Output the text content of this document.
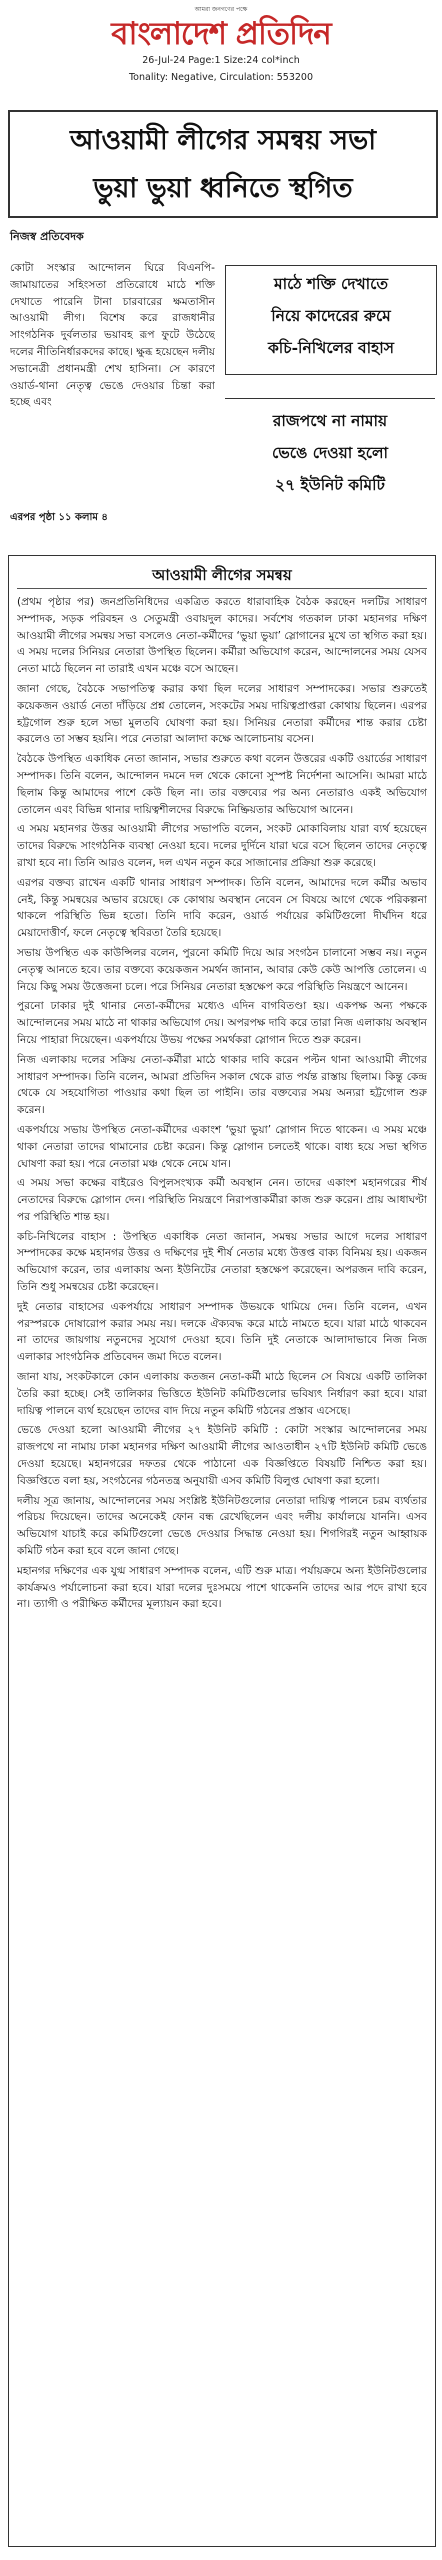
আমরা জনগণের পক্ষে
বাংলাদেশ প্রতিদিন
26-Jul-24 Page:1 Size:24 col*inch
Tonality: Negative, Circulation: 553200
আওয়ামী লীগের সমন্বয় সভা
ভুয়া ভুয়া ধ্বনিতে স্থগিত
নিজস্ব প্রতিবেদক
কোটা সংস্কার আন্দোলন ঘিরে বিএনপি-জামায়াতের সহিংসতা প্রতিরোধে মাঠে শক্তি দেখাতে পারেনি টানা চারবারের ক্ষমতাসীন আওয়ামী লীগ। বিশেষ করে রাজধানীর সাংগঠনিক দুর্বলতার ভয়াবহ রূপ ফুটে উঠেছে দলের নীতিনির্ধারকদের কাছে। ক্ষুব্ধ হয়েছেন দলীয় সভানেত্রী প্রধানমন্ত্রী শেখ হাসিনা। সে কারণে ওয়ার্ড-থানা নেতৃত্ব ভেঙে দেওয়ার চিন্তা করা হচ্ছে এবং
এরপর পৃষ্ঠা ১১ কলাম ৪
মাঠে শক্তি দেখাতে
নিয়ে কাদেরের রুমে
কচি-নিখিলের বাহাস
রাজপথে না নামায়
ভেঙে দেওয়া হলো
২৭ ইউনিট কমিটি
আওয়ামী লীগের সমন্বয়

(প্রথম পৃষ্ঠার পর) জনপ্রতিনিধিদের একত্রিত করতে ধারাবাহিক বৈঠক করছেন দলটির সাধারণ সম্পাদক, সড়ক পরিবহন ও সেতুমন্ত্রী ওবায়দুল কাদের। সর্বশেষ গতকাল ঢাকা মহানগর দক্ষিণ আওয়ামী লীগের সমন্বয় সভা বসলেও নেতা-কর্মীদের ‘ভুয়া ভুয়া’ স্লোগানের মুখে তা স্থগিত করা হয়। এ সময় দলের সিনিয়র নেতারা উপস্থিত ছিলেন। কর্মীরা অভিযোগ করেন, আন্দোলনের সময় যেসব নেতা মাঠে ছিলেন না তারাই এখন মঞ্চে বসে আছেন।

জানা গেছে, বৈঠকে সভাপতিত্ব করার কথা ছিল দলের সাধারণ সম্পাদকের। সভার শুরুতেই কয়েকজন ওয়ার্ড নেতা দাঁড়িয়ে প্রশ্ন তোলেন, সংকটের সময় দায়িত্বপ্রাপ্তরা কোথায় ছিলেন। এরপর হট্টগোল শুরু হলে সভা মুলতবি ঘোষণা করা হয়। সিনিয়র নেতারা কর্মীদের শান্ত করার চেষ্টা করলেও তা সম্ভব হয়নি। পরে নেতারা আলাদা কক্ষে আলোচনায় বসেন।

বৈঠকে উপস্থিত একাধিক নেতা জানান, সভার শুরুতে কথা বলেন উত্তরের একটি ওয়ার্ডের সাধারণ সম্পাদক। তিনি বলেন, আন্দোলন দমনে দল থেকে কোনো সুস্পষ্ট নির্দেশনা আসেনি। আমরা মাঠে ছিলাম কিন্তু আমাদের পাশে কেউ ছিল না। তার বক্তব্যের পর অন্য নেতারাও একই অভিযোগ তোলেন এবং বিভিন্ন থানার দায়িত্বশীলদের বিরুদ্ধে নিষ্ক্রিয়তার অভিযোগ আনেন।

এ সময় মহানগর উত্তর আওয়ামী লীগের সভাপতি বলেন, সংকট মোকাবিলায় যারা ব্যর্থ হয়েছেন তাদের বিরুদ্ধে সাংগঠনিক ব্যবস্থা নেওয়া হবে। দলের দুর্দিনে যারা ঘরে বসে ছিলেন তাদের নেতৃত্বে রাখা হবে না। তিনি আরও বলেন, দল এখন নতুন করে সাজানোর প্রক্রিয়া শুরু করেছে।

এরপর বক্তব্য রাখেন একটি থানার সাধারণ সম্পাদক। তিনি বলেন, আমাদের দলে কর্মীর অভাব নেই, কিন্তু সমন্বয়ের অভাব রয়েছে। কে কোথায় অবস্থান নেবেন সে বিষয়ে আগে থেকে পরিকল্পনা থাকলে পরিস্থিতি ভিন্ন হতো। তিনি দাবি করেন, ওয়ার্ড পর্যায়ের কমিটিগুলো দীর্ঘদিন ধরে মেয়াদোত্তীর্ণ, ফলে নেতৃত্বে স্থবিরতা তৈরি হয়েছে।

সভায় উপস্থিত এক কাউন্সিলর বলেন, পুরনো কমিটি দিয়ে আর সংগঠন চালানো সম্ভব নয়। নতুন নেতৃত্ব আনতে হবে। তার বক্তব্যে কয়েকজন সমর্থন জানান, আবার কেউ কেউ আপত্তি তোলেন। এ নিয়ে কিছু সময় উত্তেজনা চলে। পরে সিনিয়র নেতারা হস্তক্ষেপ করে পরিস্থিতি নিয়ন্ত্রণে আনেন।

পুরনো ঢাকার দুই থানার নেতা-কর্মীদের মধ্যেও এদিন বাগবিতণ্ডা হয়। একপক্ষ অন্য পক্ষকে আন্দোলনের সময় মাঠে না থাকার অভিযোগ দেয়। অপরপক্ষ দাবি করে তারা নিজ এলাকায় অবস্থান নিয়ে পাহারা দিয়েছেন। একপর্যায়ে উভয় পক্ষের সমর্থকরা স্লোগান দিতে শুরু করেন।

নিজ এলাকায় দলের সক্রিয় নেতা-কর্মীরা মাঠে থাকার দাবি করেন পল্টন থানা আওয়ামী লীগের সাধারণ সম্পাদক। তিনি বলেন, আমরা প্রতিদিন সকাল থেকে রাত পর্যন্ত রাস্তায় ছিলাম। কিন্তু কেন্দ্র থেকে যে সহযোগিতা পাওয়ার কথা ছিল তা পাইনি। তার বক্তব্যের সময় অন্যরা হট্টগোল শুরু করেন।

একপর্যায়ে সভায় উপস্থিত নেতা-কর্মীদের একাংশ ‘ভুয়া ভুয়া’ স্লোগান দিতে থাকেন। এ সময় মঞ্চে থাকা নেতারা তাদের থামানোর চেষ্টা করেন। কিন্তু স্লোগান চলতেই থাকে। বাধ্য হয়ে সভা স্থগিত ঘোষণা করা হয়। পরে নেতারা মঞ্চ থেকে নেমে যান।

এ সময় সভা কক্ষের বাইরেও বিপুলসংখ্যক কর্মী অবস্থান নেন। তাদের একাংশ মহানগরের শীর্ষ নেতাদের বিরুদ্ধে স্লোগান দেন। পরিস্থিতি নিয়ন্ত্রণে নিরাপত্তাকর্মীরা কাজ শুরু করেন। প্রায় আধাঘণ্টা পর পরিস্থিতি শান্ত হয়।

কচি-নিখিলের বাহাস : উপস্থিত একাধিক নেতা জানান, সমন্বয় সভার আগে দলের সাধারণ সম্পাদকের কক্ষে মহানগর উত্তর ও দক্ষিণের দুই শীর্ষ নেতার মধ্যে উত্তপ্ত বাক্য বিনিময় হয়। একজন অভিযোগ করেন, তার এলাকায় অন্য ইউনিটের নেতারা হস্তক্ষেপ করেছেন। অপরজন দাবি করেন, তিনি শুধু সমন্বয়ের চেষ্টা করেছেন।

দুই নেতার বাহাসের একপর্যায়ে সাধারণ সম্পাদক উভয়কে থামিয়ে দেন। তিনি বলেন, এখন পরস্পরকে দোষারোপ করার সময় নয়। দলকে ঐক্যবদ্ধ করে মাঠে নামতে হবে। যারা মাঠে থাকবেন না তাদের জায়গায় নতুনদের সুযোগ দেওয়া হবে। তিনি দুই নেতাকে আলাদাভাবে নিজ নিজ এলাকার সাংগঠনিক প্রতিবেদন জমা দিতে বলেন।

জানা যায়, সংকটকালে কোন এলাকায় কতজন নেতা-কর্মী মাঠে ছিলেন সে বিষয়ে একটি তালিকা তৈরি করা হচ্ছে। সেই তালিকার ভিত্তিতে ইউনিট কমিটিগুলোর ভবিষ্যৎ নির্ধারণ করা হবে। যারা দায়িত্ব পালনে ব্যর্থ হয়েছেন তাদের বাদ দিয়ে নতুন কমিটি গঠনের প্রস্তাব এসেছে।

ভেঙে দেওয়া হলো আওয়ামী লীগের ২৭ ইউনিট কমিটি : কোটা সংস্কার আন্দোলনের সময় রাজপথে না নামায় ঢাকা মহানগর দক্ষিণ আওয়ামী লীগের আওতাধীন ২৭টি ইউনিট কমিটি ভেঙে দেওয়া হয়েছে। মহানগরের দফতর থেকে পাঠানো এক বিজ্ঞপ্তিতে বিষয়টি নিশ্চিত করা হয়। বিজ্ঞপ্তিতে বলা হয়, সংগঠনের গঠনতন্ত্র অনুযায়ী এসব কমিটি বিলুপ্ত ঘোষণা করা হলো।

দলীয় সূত্র জানায়, আন্দোলনের সময় সংশ্লিষ্ট ইউনিটগুলোর নেতারা দায়িত্ব পালনে চরম ব্যর্থতার পরিচয় দিয়েছেন। তাদের অনেকেই ফোন বন্ধ রেখেছিলেন এবং দলীয় কার্যালয়ে যাননি। এসব অভিযোগ যাচাই করে কমিটিগুলো ভেঙে দেওয়ার সিদ্ধান্ত নেওয়া হয়। শিগগিরই নতুন আহ্বায়ক কমিটি গঠন করা হবে বলে জানা গেছে।

মহানগর দক্ষিণের এক যুগ্ম সাধারণ সম্পাদক বলেন, এটি শুরু মাত্র। পর্যায়ক্রমে অন্য ইউনিটগুলোর কার্যক্রমও পর্যালোচনা করা হবে। যারা দলের দুঃসময়ে পাশে থাকেননি তাদের আর পদে রাখা হবে না। ত্যাগী ও পরীক্ষিত কর্মীদের মূল্যায়ন করা হবে।
